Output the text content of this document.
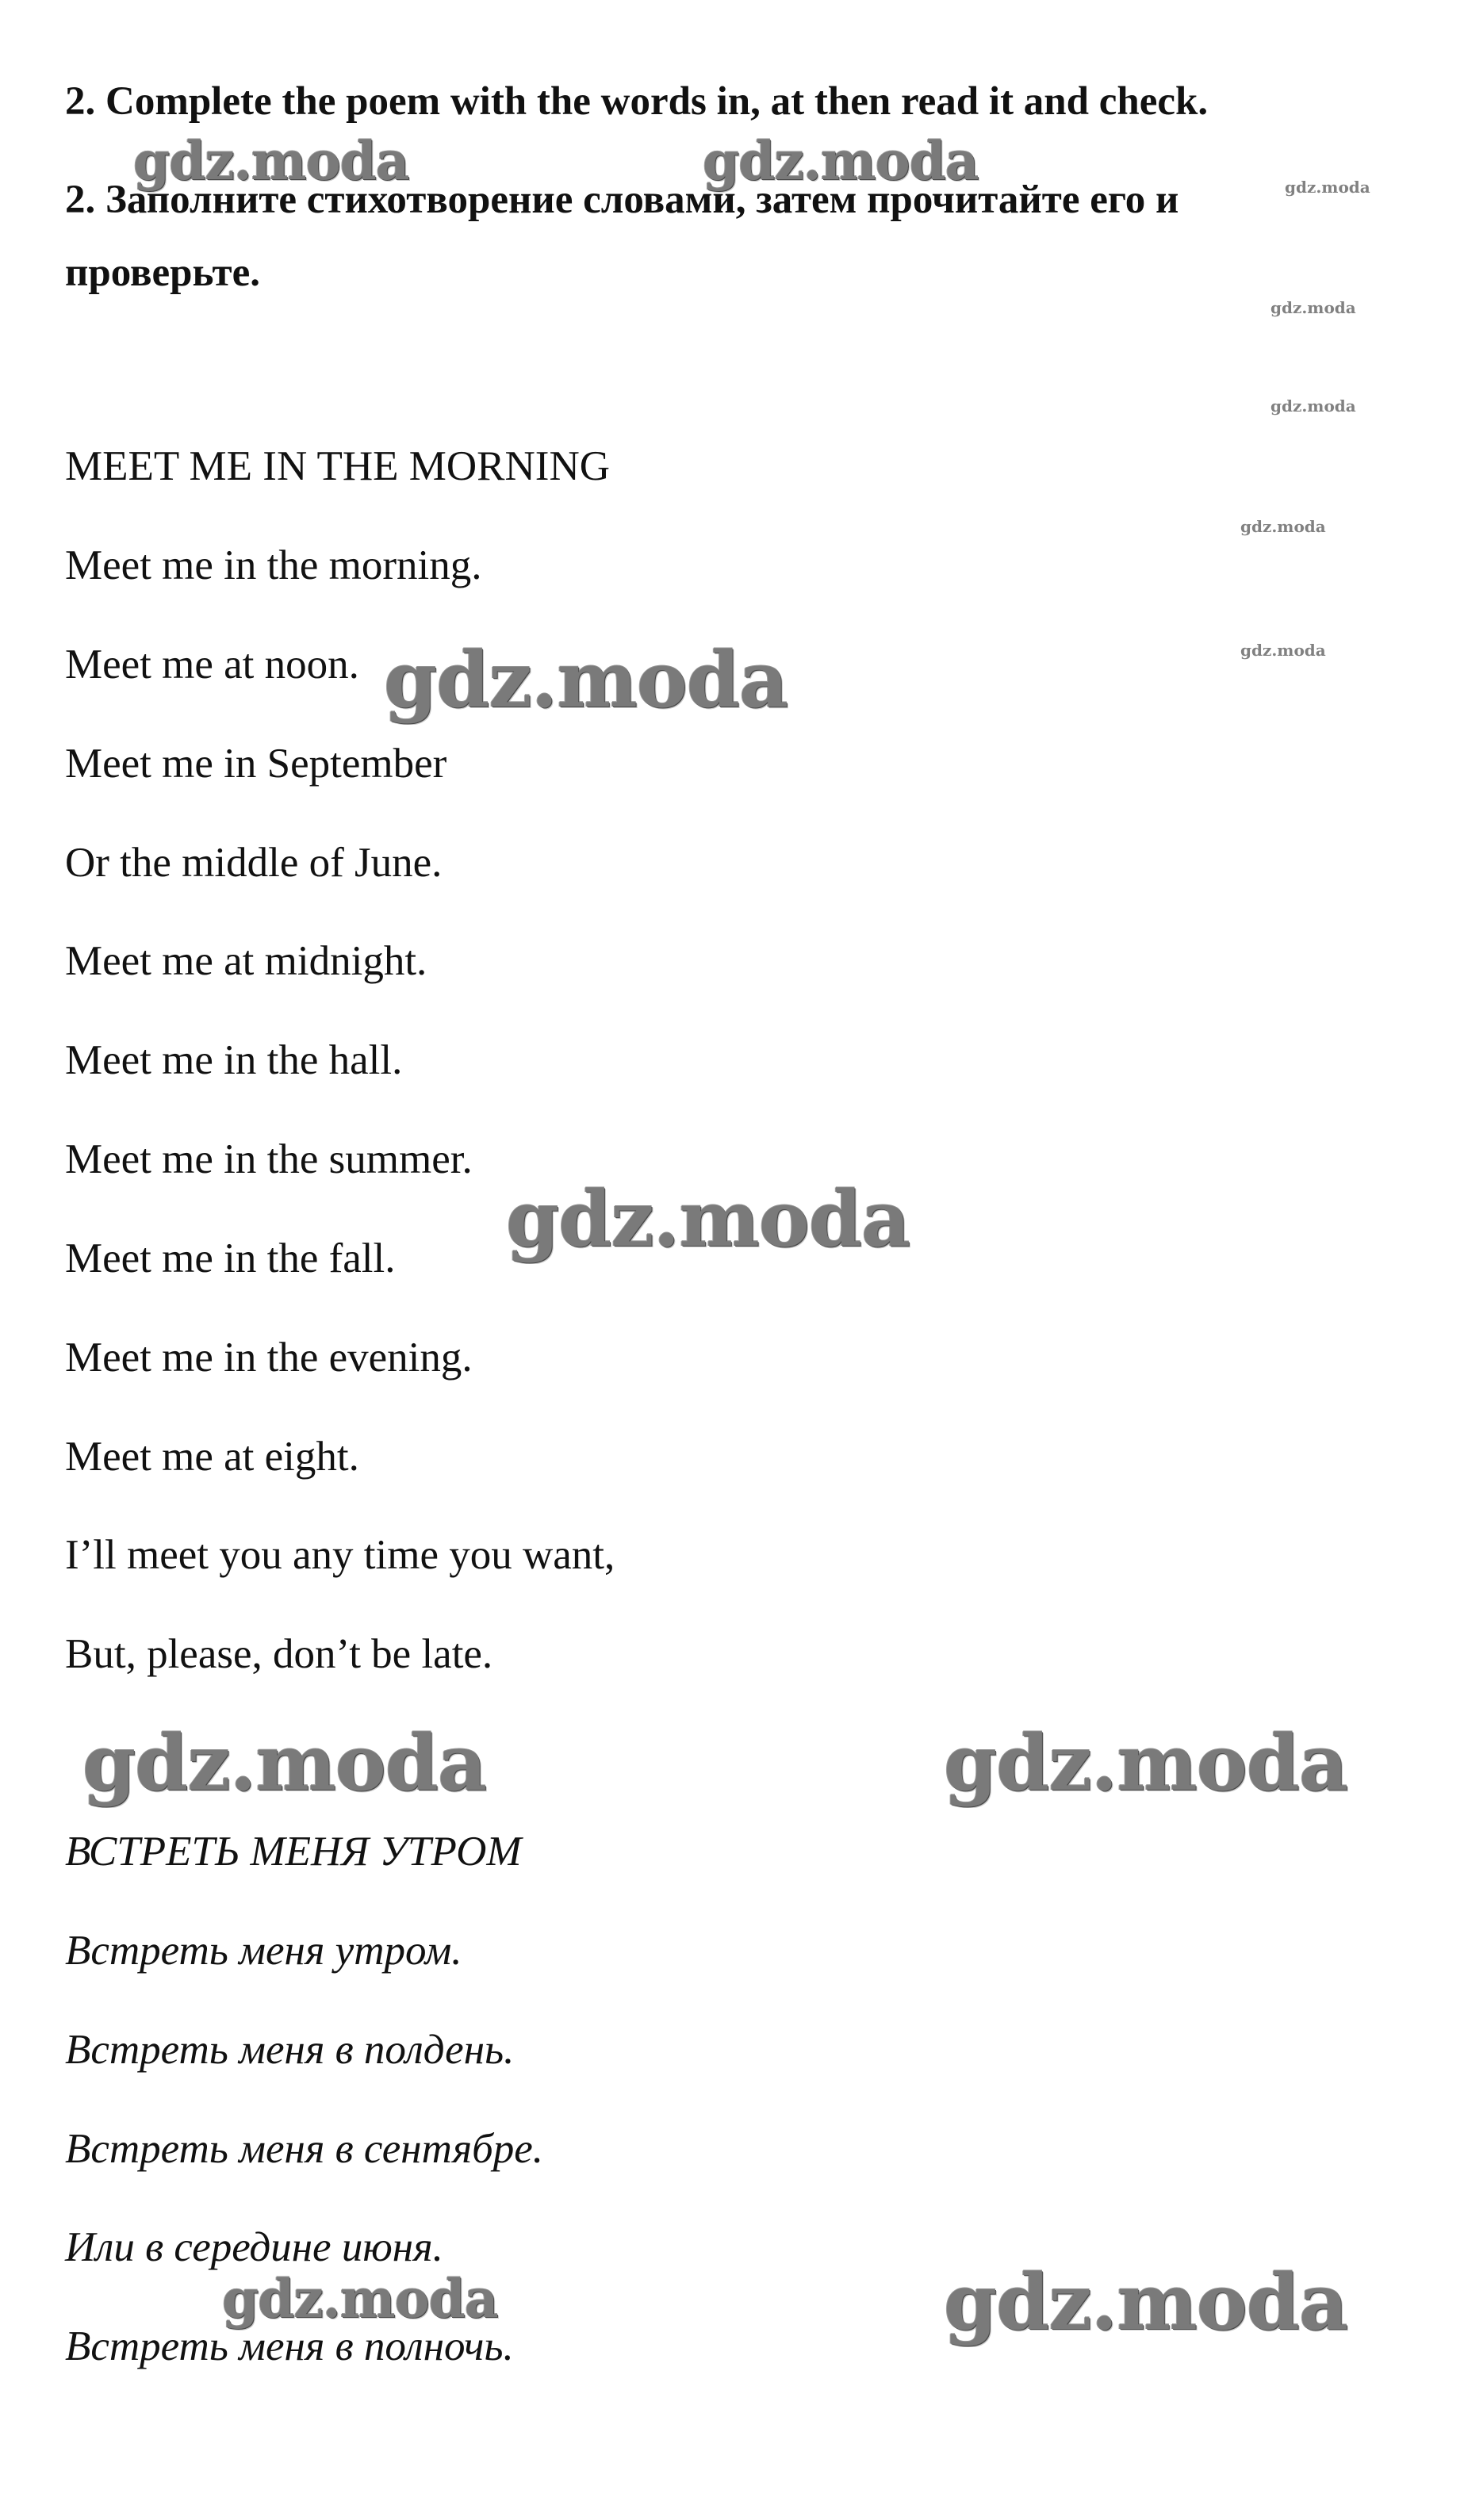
2. Complete the poem with the words in, at then read it and check.

2. Заполните стихотворение словами, затем прочитайте его и

проверьте.

MEET ME IN THE MORNING

Meet me in the morning.

Meet me at noon.

Meet me in September

Or the middle of June.

Meet me at midnight.

Meet me in the hall.

Meet me in the summer.

Meet me in the fall.

Meet me in the evening.

Meet me at eight.

I’ll meet you any time you want,

But, please, don’t be late.

ВСТРЕТЬ МЕНЯ УТРОМ

Встреть меня утром.

Встреть меня в полдень.

Встреть меня в сентябре.

Или в середине июня.

Встреть меня в полночь.

gdz.moda	gdz.moda	gdz.moda
gdz.moda
gdz.moda
gdz.moda
gdz.moda
gdz.moda
gdz.moda
gdz.moda	gdz.moda
gdz.moda	gdz.moda
